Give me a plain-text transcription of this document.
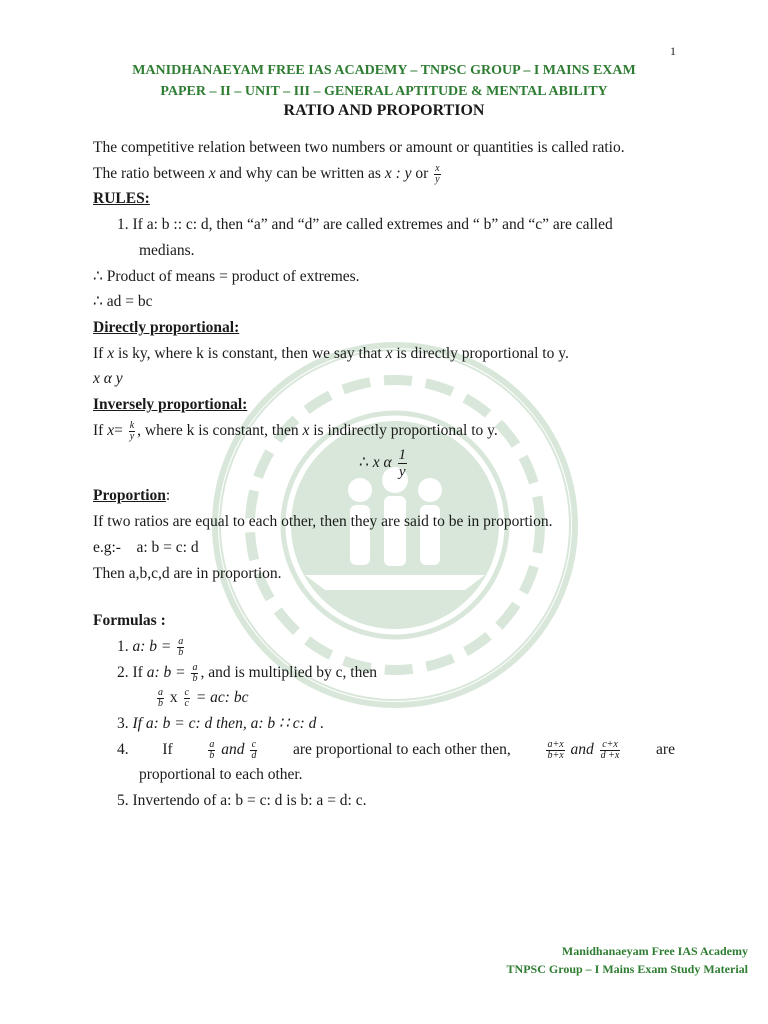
1
MANIDHANAEYAM FREE IAS ACADEMY – TNPSC GROUP – I MAINS EXAM
PAPER – II – UNIT – III – GENERAL APTITUDE & MENTAL ABILITY
RATIO AND PROPORTION
The competitive relation between two numbers or amount or quantities is called ratio.
The ratio between x and why can be written as x : y or $\frac{x}{y}$
RULES:
1. If a: b :: c: d, then “a” and “d” are called extremes and “ b” and “c” are called
medians.
∴ Product of means = product of extremes.
∴ ad = bc
Directly proportional:
If x is ky, where k is constant, then we say that x is directly proportional to y.
x α y
Inversely proportional:
If $x= \frac{k}{y}$ , where k is constant, then x is indirectly proportional to y.
∴ x α $\frac{1}{y}$
Proportion:
If two ratios are equal to each other, then they are said to be in proportion.
e.g:-    a: b = c: d
Then a,b,c,d are in proportion.
Formulas :
1. a: $b = \frac{a}{b}$
2. If a: $b = \frac{a}{b}$ , and is multiplied by c, then
$\frac{a}{b}$ x $\frac{c}{c}$ = ac: bc
3. If a: b = c: d then, a: b ∷ c: d .
4. If	$\frac{a}{b}$ and $\frac{c}{d}$ are proportional to each other then,	$\frac{a+x}{b+x}$ and $\frac{c+x}{d +x}$ are
proportional to each other.
5. Invertendo of a: b = c: d is b: a = d: c.
Manidhanaeyam Free IAS Academy
TNPSC Group – I Mains Exam Study Material
